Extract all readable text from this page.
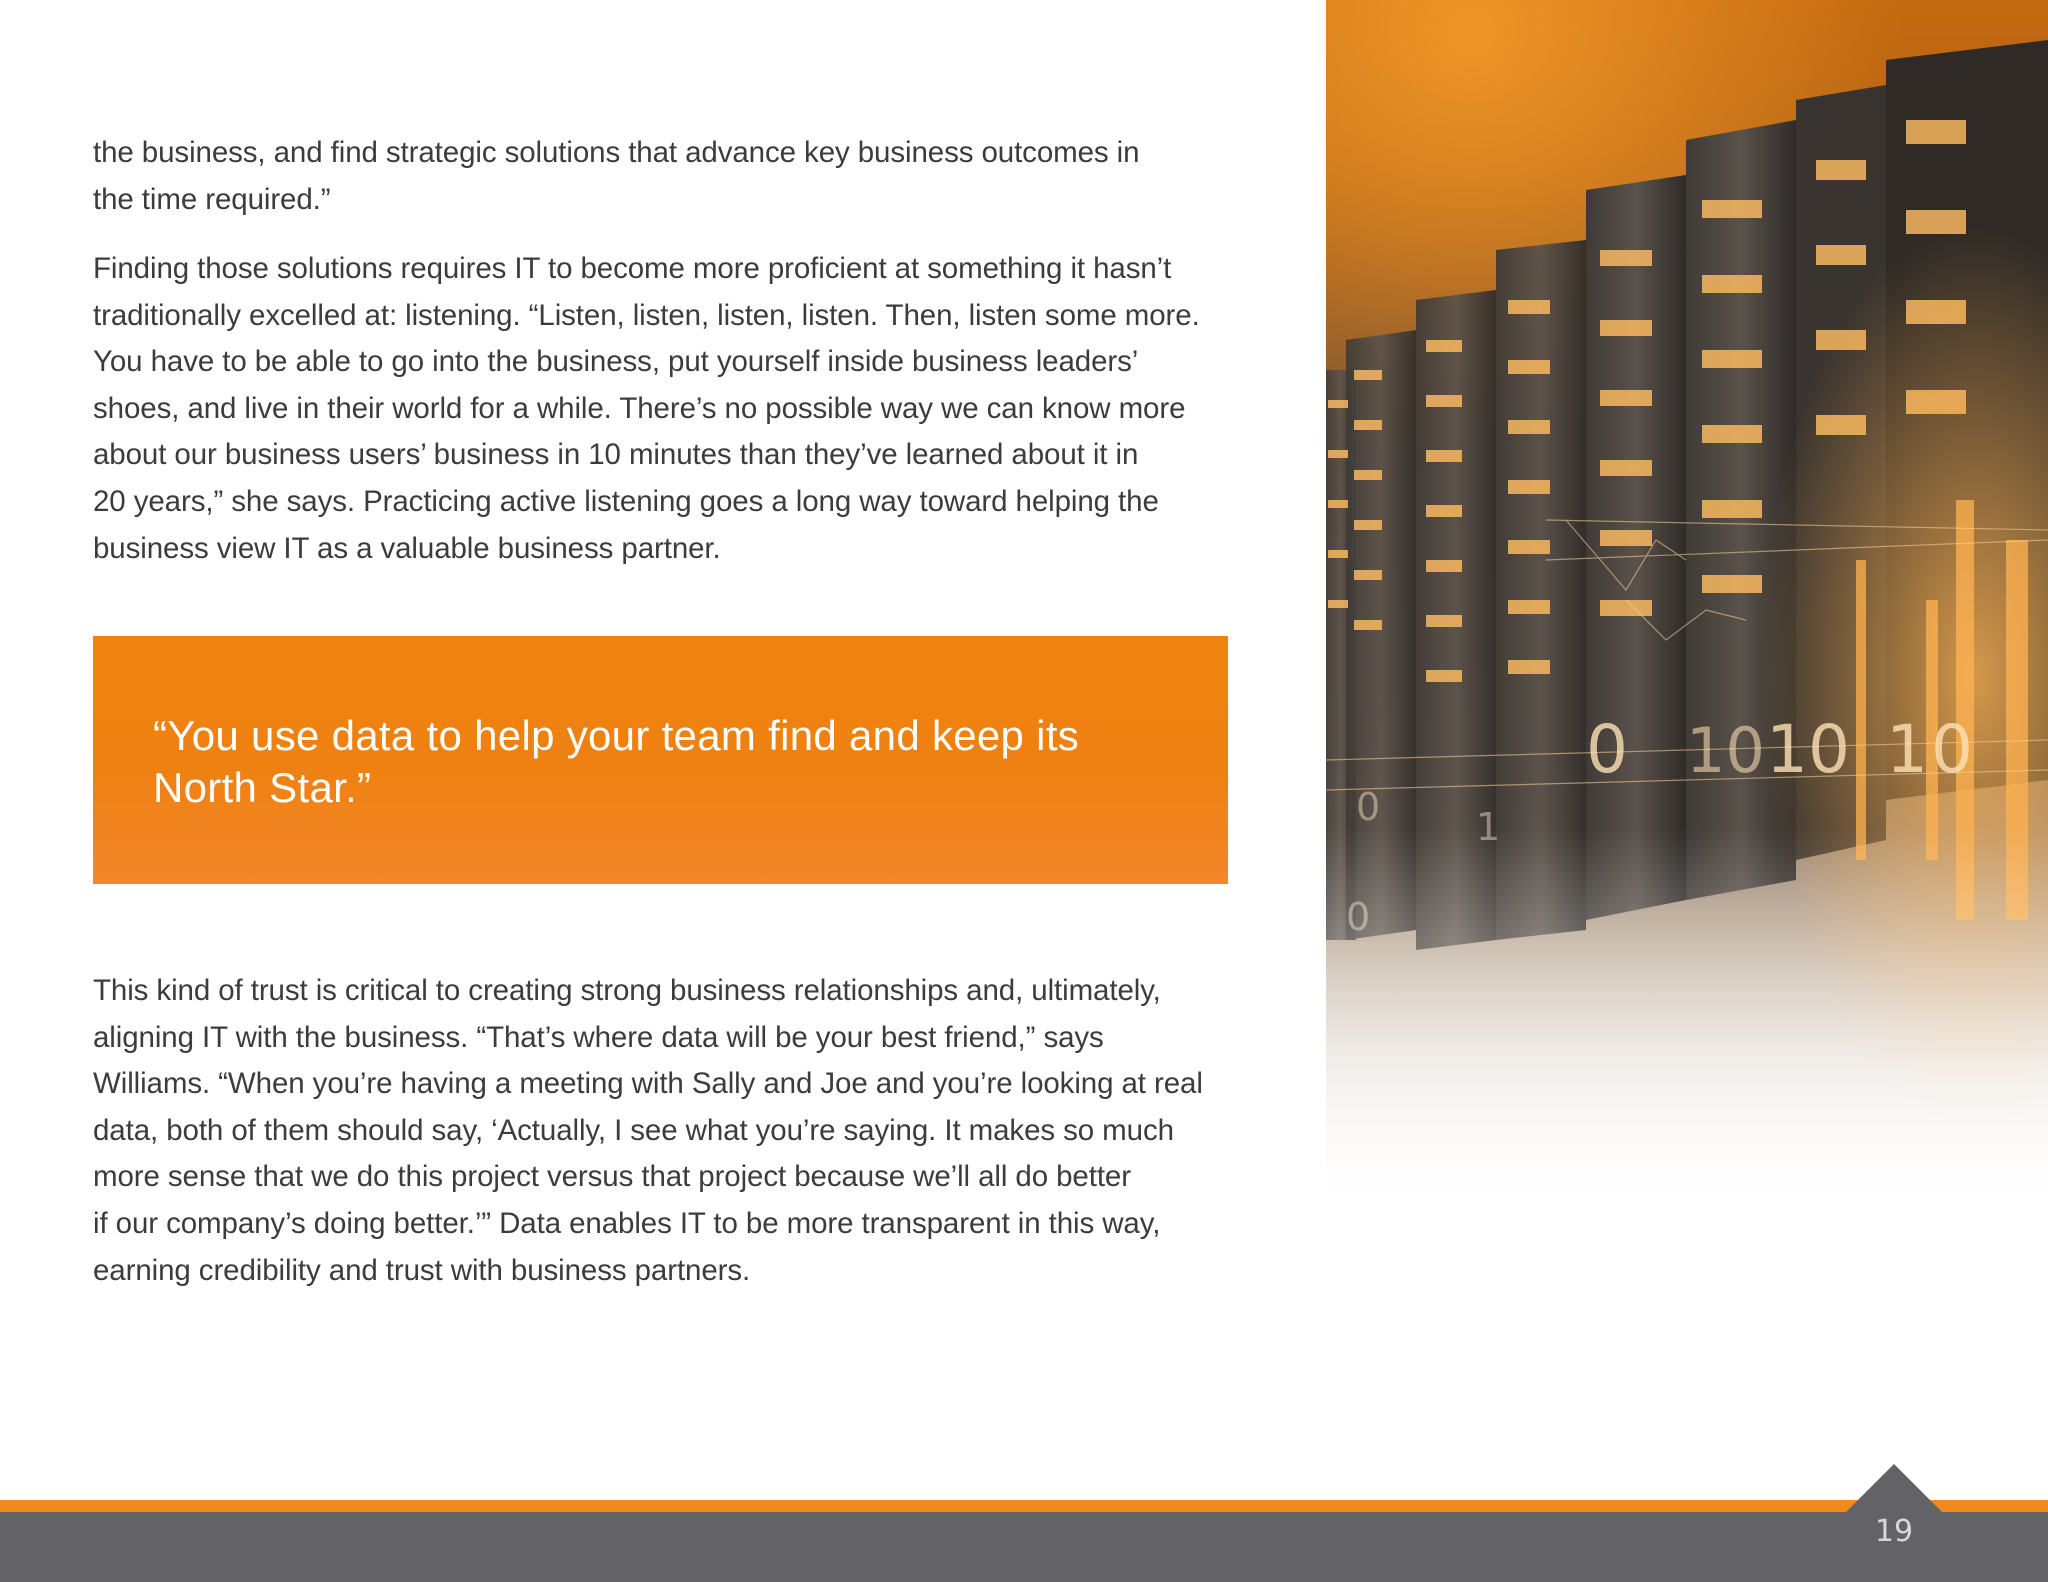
the business, and find strategic solutions that advance key business outcomes in

the time required.”

Finding those solutions requires IT to become more proficient at something it hasn’t

traditionally excelled at: listening. “Listen, listen, listen, listen. Then, listen some more.

You have to be able to go into the business, put yourself inside business leaders’

shoes, and live in their world for a while. There’s no possible way we can know more

about our business users’ business in 10 minutes than they’ve learned about it in

20 years,” she says. Practicing active listening goes a long way toward helping the

business view IT as a valuable business partner.

“You use data to help your team find and keep its
North Star.”

This kind of trust is critical to creating strong business relationships and, ultimately,

aligning IT with the business. “That’s where data will be your best friend,” says

Williams. “When you’re having a meeting with Sally and Joe and you’re looking at real

data, both of them should say, ‘Actually, I see what you’re saying. It makes so much

more sense that we do this project versus that project because we’ll all do better

if our company’s doing better.’” Data enables IT to be more transparent in this way,

earning credibility and trust with business partners.

19
